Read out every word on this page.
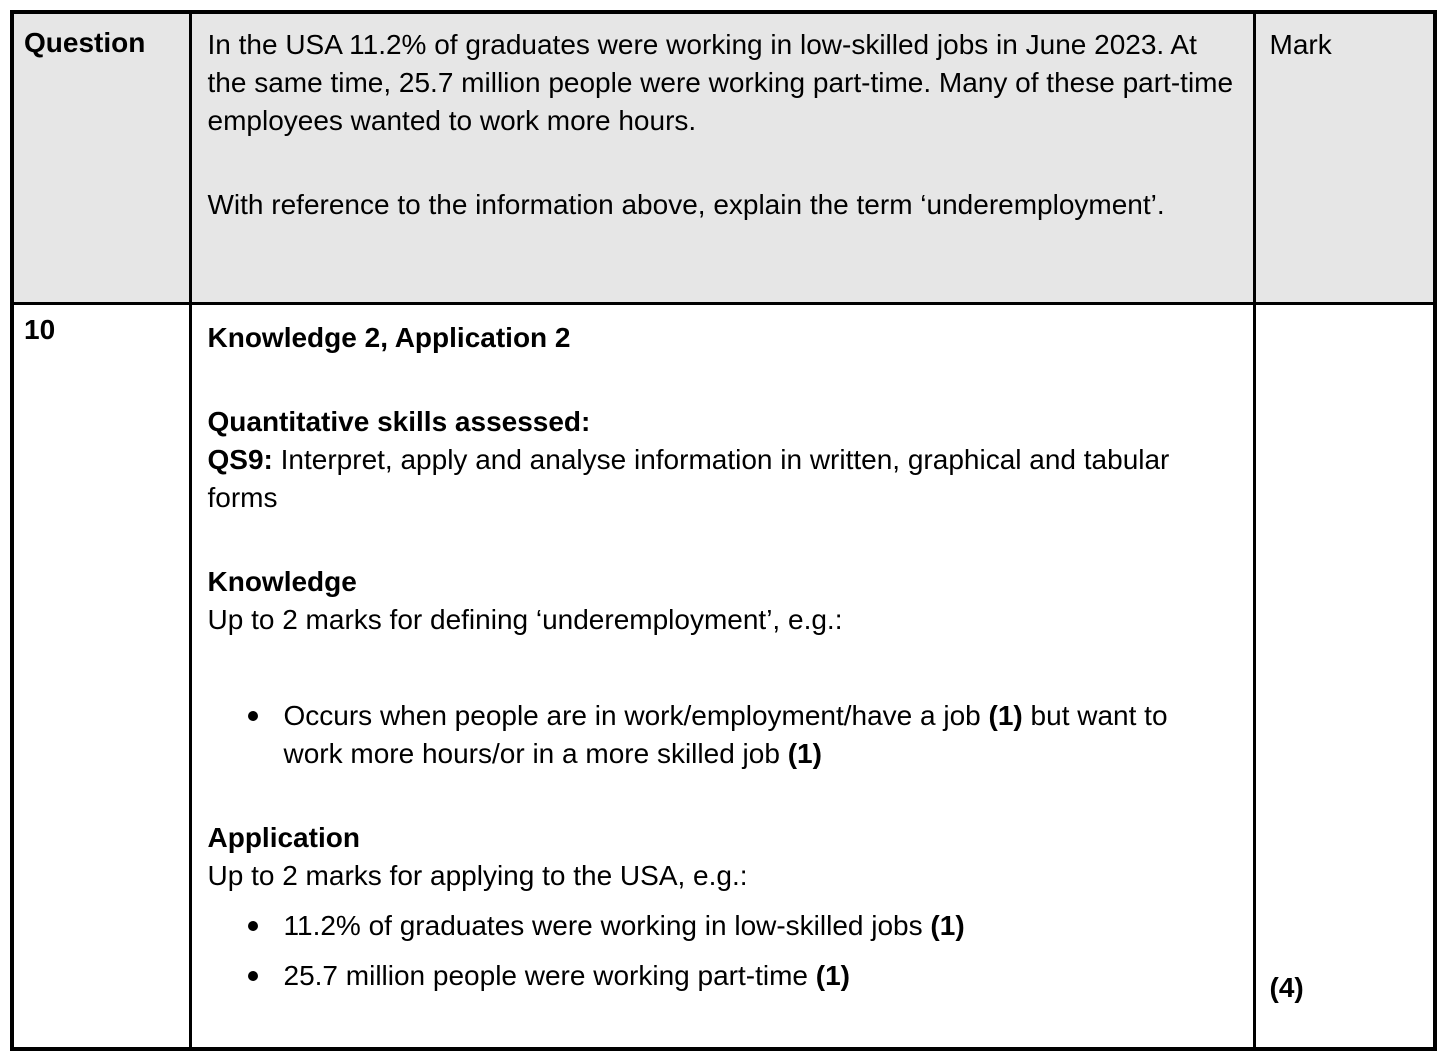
Question	In the USA 11.2% of graduates were working in low-skilled jobs in June 2023. At the same time, 25.7 million people were working part-time. Many of these part-time employees wanted to work more hours.
With reference to the information above, explain the term ‘underemployment’.	Mark
10	Knowledge 2, Application 2
Quantitative skills assessed:
QS9: Interpret, apply and analyse information in written, graphical and tabular forms
Knowledge
Up to 2 marks for defining ‘underemployment’, e.g.:
Occurs when people are in work/employment/have a job (1) but want to work more hours/or in a more skilled job (1)
Application
Up to 2 marks for applying to the USA, e.g.:
11.2% of graduates were working in low-skilled jobs (1)
25.7 million people were working part-time (1)	(4)
